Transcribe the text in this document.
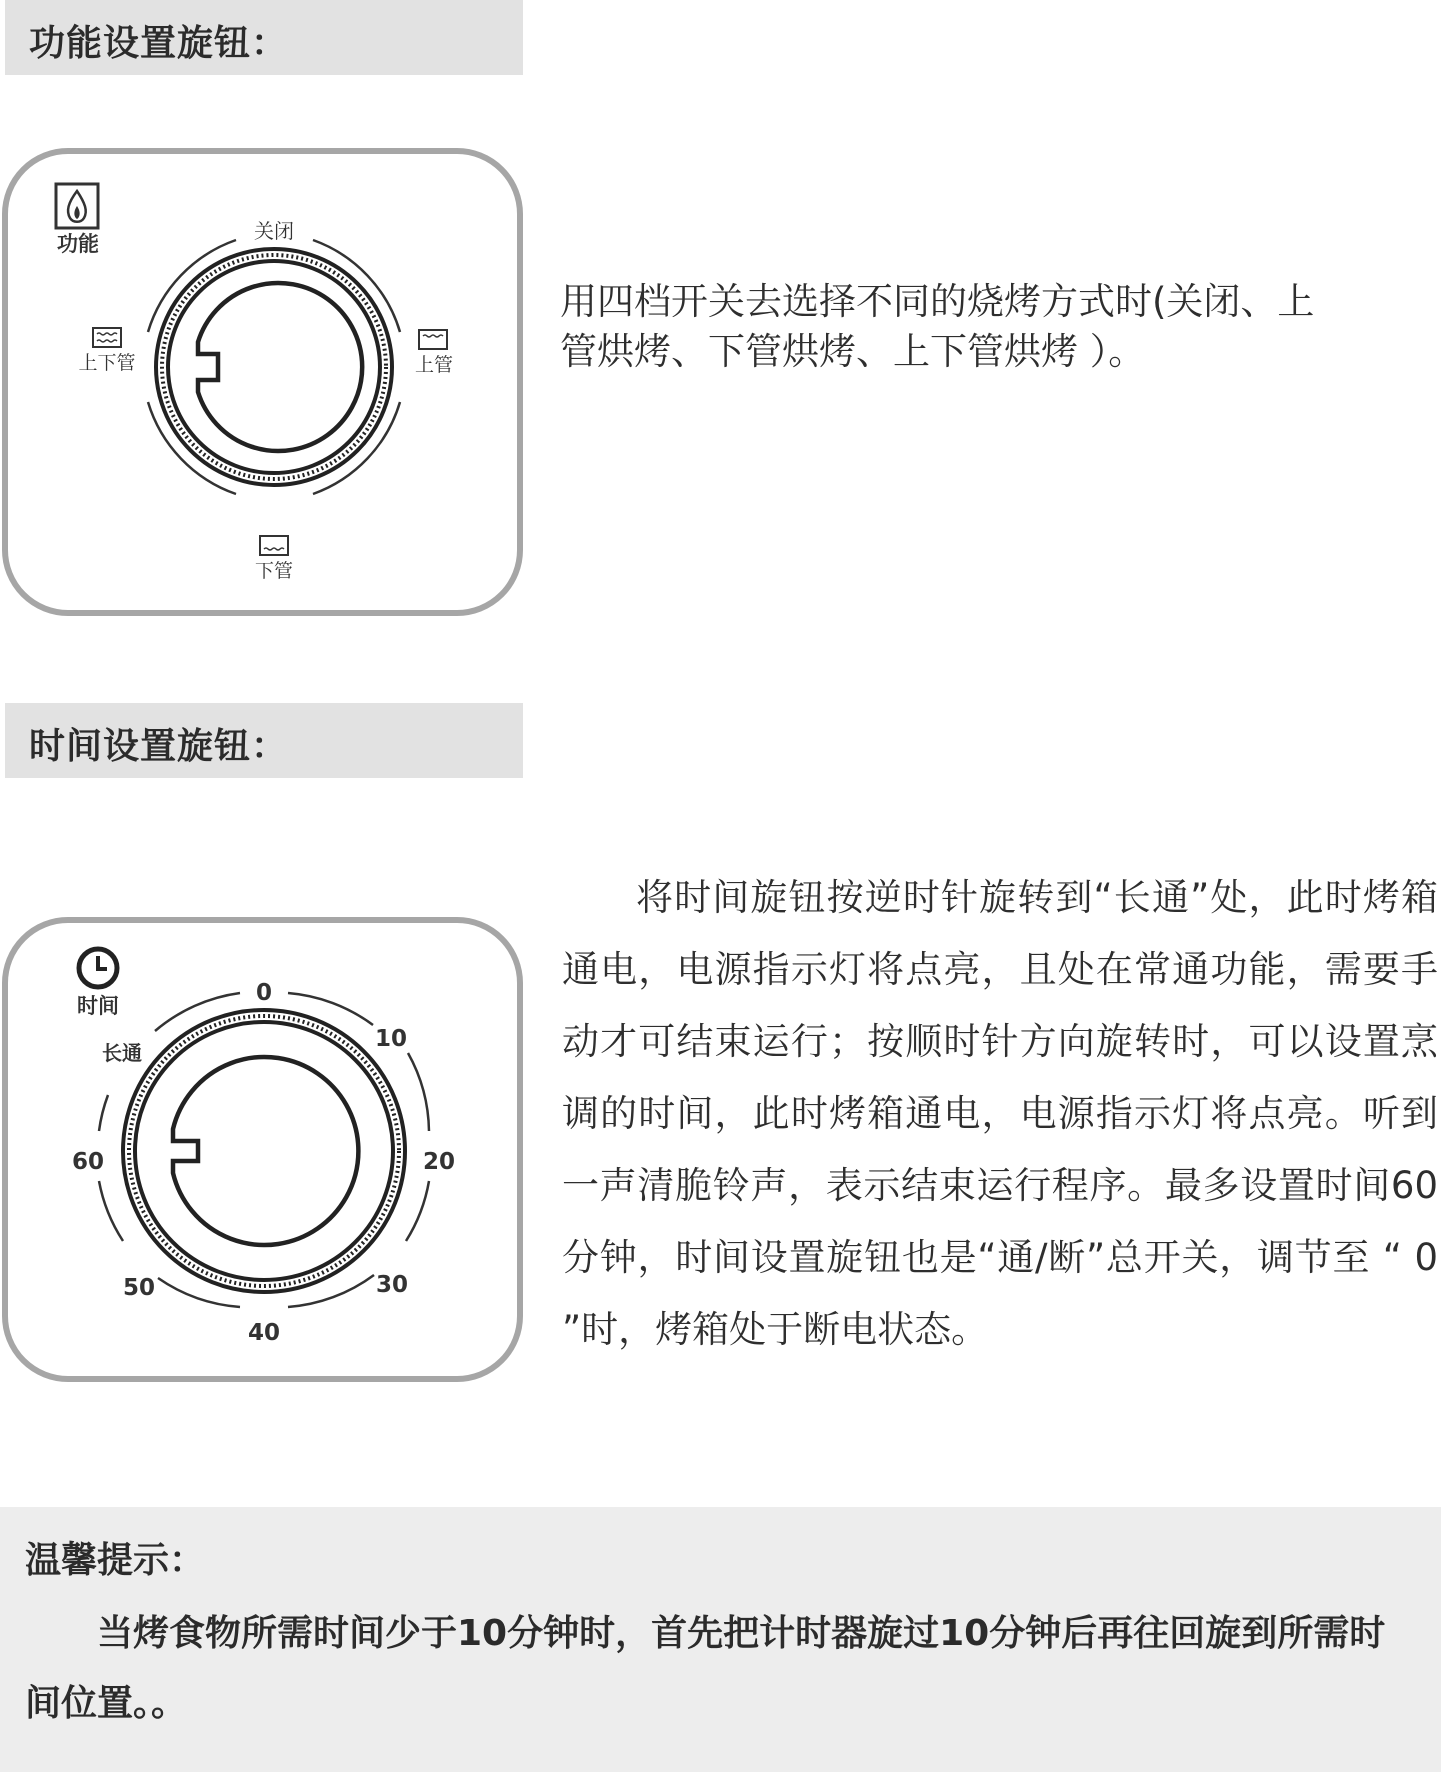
功能设置旋钮：
功能
关闭
上下管	上管
下管

用四档开关去选择不同的烧烤方式时(关闭、上
管烘烤、下管烘烤、上下管烘烤 ）。

时间设置旋钮：
时间	0
10
20
30
40
50
60
长通

将时间旋钮按逆时针旋转到“长通”处，此时烤箱通电，电源指示灯将点亮，且处在常通功能，需要手动才可结束运行；按顺时针方向旋转时，可以设置烹调的时间，此时烤箱通电，电源指示灯将点亮。听到一声清脆铃声，表示结束运行程序。最多设置时间60分钟，时间设置旋钮也是“通/断”总开关，调节至 “ 0 ”时，烤箱处于断电状态。

温馨提示：

当烤食物所需时间少于10分钟时，首先把计时器旋过10分钟后再往回旋到所需时间位置。。
